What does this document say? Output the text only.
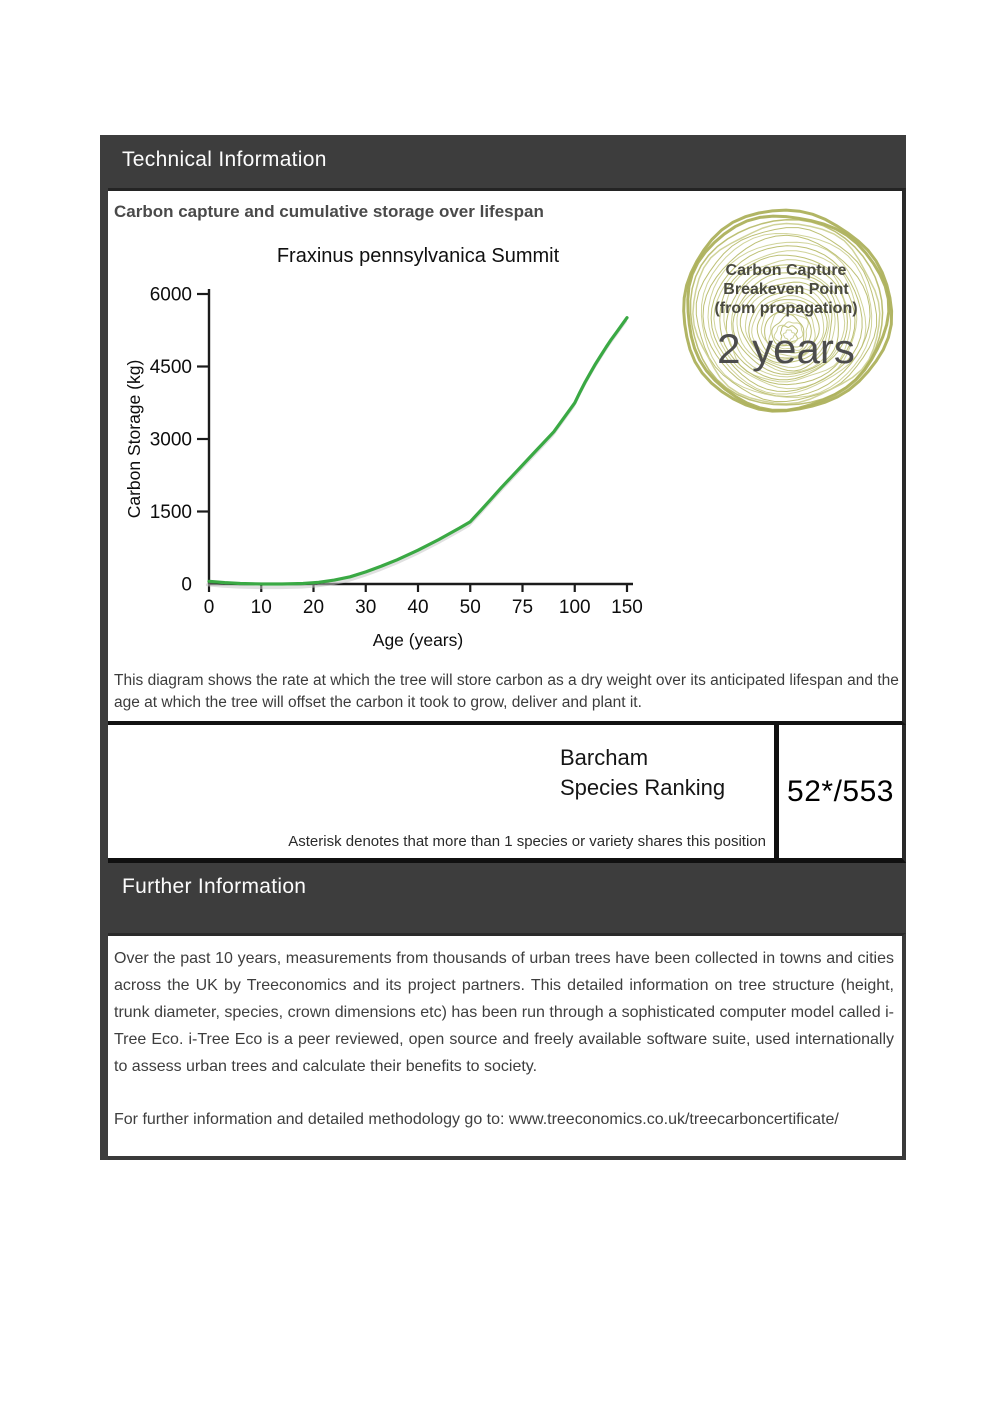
Technical Information
Carbon capture and cumulative storage over lifespan
Fraxinus pennsylvanica Summit
0
1500
3000
4500
6000
0 10 20 30 40 50 75 100 150
Carbon Storage (kg)
Age (years)
Carbon Capture
Breakeven Point
(from propagation)
2 years
This diagram shows the rate at which the tree will store carbon as a dry weight over its anticipated lifespan and the age at which the tree will offset the carbon it took to grow, deliver and plant it.
Barcham
Species Ranking
Asterisk denotes that more than 1 species or variety shares this position
52*/553
Further Information
Over the past 10 years, measurements from thousands of urban trees have been collected in towns and cities across the UK by Treeconomics and its project partners. This detailed information on tree structure (height, trunk diameter, species, crown dimensions etc) has been run through a sophisticated computer model called i-Tree Eco. i-Tree Eco is a peer reviewed, open source and freely available software suite, used internationally to assess urban trees and calculate their benefits to society.
For further information and detailed methodology go to: www.treeconomics.co.uk/treecarboncertificate/
